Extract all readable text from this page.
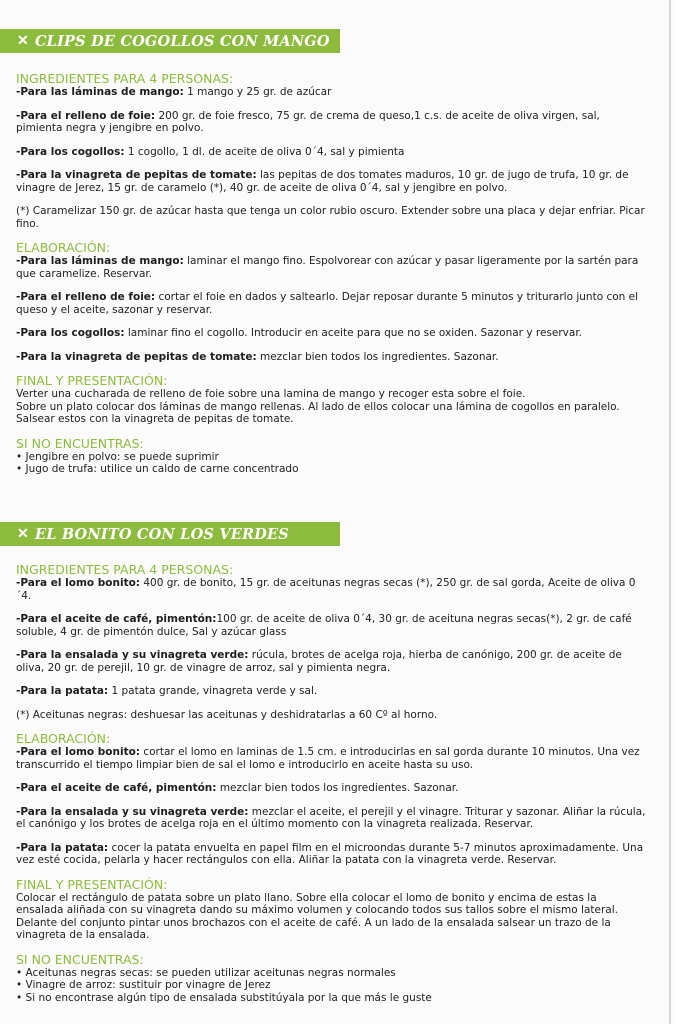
✕ CLIPS DE COGOLLOS CON MANGO

INGREDIENTES PARA 4 PERSONAS:

-Para las láminas de mango: 1 mango y 25 gr. de azúcar

-Para el relleno de foie: 200 gr. de foie fresco, 75 gr. de crema de queso,1 c.s. de aceite de oliva virgen, sal, pimienta negra y jengibre en polvo.

-Para los cogollos: 1 cogollo, 1 dl. de aceite de oliva 0´4, sal y pimienta

-Para la vinagreta de pepitas de tomate: las pepitas de dos tomates maduros, 10 gr. de jugo de trufa, 10 gr. de vinagre de Jerez, 15 gr. de caramelo (*), 40 gr. de aceite de oliva 0´4, sal y jengibre en polvo.

(*) Caramelizar 150 gr. de azúcar hasta que tenga un color rubio oscuro. Extender sobre una placa y dejar enfriar. Picar fino.

ELABORACIÓN:

-Para las láminas de mango: laminar el mango fino. Espolvorear con azúcar y pasar ligeramente por la sartén para que caramelize. Reservar.

-Para el relleno de foie: cortar el foie en dados y saltearlo. Dejar reposar durante 5 minutos y triturarlo junto con el queso y el aceite, sazonar y reservar.

-Para los cogollos: laminar fino el cogollo. Introducir en aceite para que no se oxiden. Sazonar y reservar.

-Para la vinagreta de pepitas de tomate: mezclar bien todos los ingredientes. Sazonar.

FINAL Y PRESENTACIÓN:

Verter una cucharada de relleno de foie sobre una lamina de mango y recoger esta sobre el foie.

Sobre un plato colocar dos láminas de mango rellenas. Al lado de ellos colocar una lámina de cogollos en paralelo.

Salsear estos con la vinagreta de pepitas de tomate.

SI NO ENCUENTRAS:

• Jengibre en polvo: se puede suprimir

• Jugo de trufa: utilice un caldo de carne concentrado

✕ EL BONITO CON LOS VERDES

INGREDIENTES PARA 4 PERSONAS:

-Para el lomo bonito: 400 gr. de bonito, 15 gr. de aceitunas negras secas (*), 250 gr. de sal gorda, Aceite de oliva 0´4.

-Para el aceite de café, pimentón:100 gr. de aceite de oliva 0´4, 30 gr. de aceituna negras secas(*), 2 gr. de café soluble, 4 gr. de pimentón dulce, Sal y azúcar glass

-Para la ensalada y su vinagreta verde: rúcula, brotes de acelga roja, hierba de canónigo, 200 gr. de aceite de oliva, 20 gr. de perejil, 10 gr. de vinagre de arroz, sal y pimienta negra.

-Para la patata: 1 patata grande, vinagreta verde y sal.

(*) Aceitunas negras: deshuesar las aceitunas y deshidratarlas a 60 Cº al horno.

ELABORACIÓN:

-Para el lomo bonito: cortar el lomo en laminas de 1.5 cm. e introducirlas en sal gorda durante 10 minutos. Una vez transcurrido el tiempo limpiar bien de sal el lomo e introducirlo en aceite hasta su uso.

-Para el aceite de café, pimentón: mezclar bien todos los ingredientes. Sazonar.

-Para la ensalada y su vinagreta verde: mezclar el aceite, el perejil y el vinagre. Triturar y sazonar. Aliñar la rúcula, el canónigo y los brotes de acelga roja en el último momento con la vinagreta realizada. Reservar.

-Para la patata: cocer la patata envuelta en papel film en el microondas durante 5-7 minutos aproximadamente. Una vez esté cocida, pelarla y hacer rectángulos con ella. Aliñar la patata con la vinagreta verde. Reservar.

FINAL Y PRESENTACIÓN:

Colocar el rectángulo de patata sobre un plato llano. Sobre ella colocar el lomo de bonito y encima de estas la ensalada aliñada con su vinagreta dando su máximo volumen y colocando todos sus tallos sobre el mismo lateral. Delante del conjunto pintar unos brochazos con el aceite de café. A un lado de la ensalada salsear un trazo de la vinagreta de la ensalada.

SI NO ENCUENTRAS:

• Aceitunas negras secas: se pueden utilizar aceitunas negras normales

• Vinagre de arroz: sustituir por vinagre de Jerez

• Si no encontrase algún tipo de ensalada substitúyala por la que más le guste
